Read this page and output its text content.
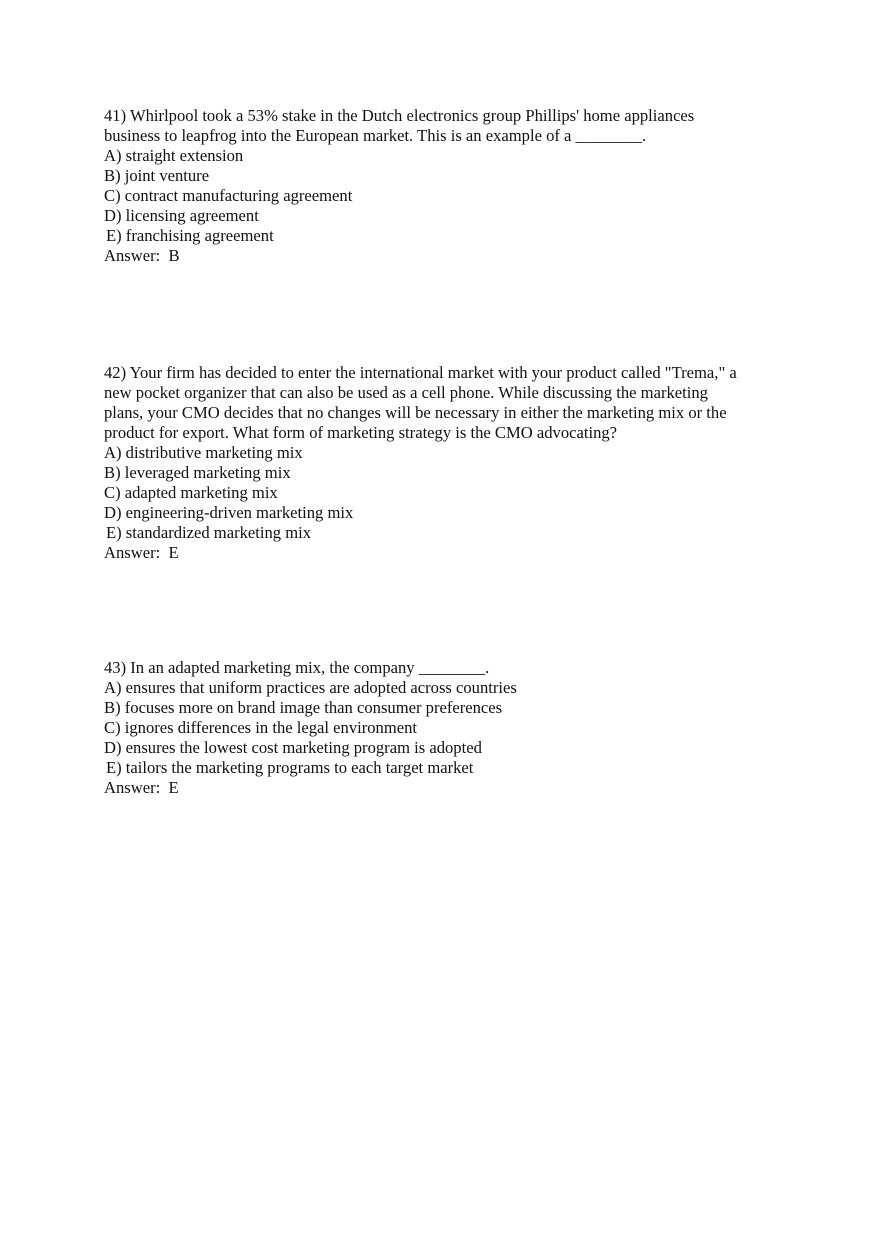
41) Whirlpool took a 53% stake in the Dutch electronics group Phillips' home appliances
business to leapfrog into the European market. This is an example of a ________.
A) straight extension
B) joint venture
C) contract manufacturing agreement
D) licensing agreement
E) franchising agreement
Answer:  B
42) Your firm has decided to enter the international market with your product called "Trema," a
new pocket organizer that can also be used as a cell phone. While discussing the marketing
plans, your CMO decides that no changes will be necessary in either the marketing mix or the
product for export. What form of marketing strategy is the CMO advocating?
A) distributive marketing mix
B) leveraged marketing mix
C) adapted marketing mix
D) engineering-driven marketing mix
E) standardized marketing mix
Answer:  E
43) In an adapted marketing mix, the company ________.
A) ensures that uniform practices are adopted across countries
B) focuses more on brand image than consumer preferences
C) ignores differences in the legal environment
D) ensures the lowest cost marketing program is adopted
E) tailors the marketing programs to each target market
Answer:  E
